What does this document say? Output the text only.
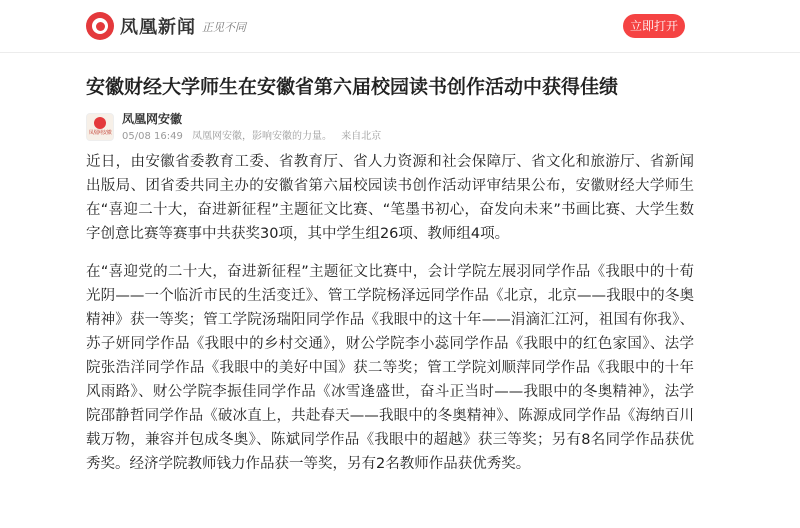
凤凰新闻 正见不同	立即打开
安徽财经大学师生在安徽省第六届校园读书创作活动中获得佳绩
凤凰网安徽
凤凰网安徽
05/08 16:49 凤凰网安徽，影响安徽的力量。 来自北京

近日，由安徽省委教育工委、省教育厅、省人力资源和社会保障厅、省文化和旅游厅、省新闻出版局、团省委共同主办的安徽省第六届校园读书创作活动评审结果公布，安徽财经大学师生在“喜迎二十大，奋进新征程”主题征文比赛、“笔墨书初心，奋发向未来”书画比赛、大学生数字创意比赛等赛事中共获奖30项，其中学生组26项、教师组4项。

在“喜迎党的二十大，奋进新征程”主题征文比赛中，会计学院左展羽同学作品《我眼中的十荀光阴——一个临沂市民的生活变迁》、管工学院杨泽远同学作品《北京，北京——我眼中的冬奥精神》获一等奖；管工学院汤瑞阳同学作品《我眼中的这十年——涓滴汇江河，祖国有你我》、苏子妍同学作品《我眼中的乡村交通》，财公学院李小蕊同学作品《我眼中的红色家国》、法学院张浩洋同学作品《我眼中的美好中国》获二等奖；管工学院刘顺萍同学作品《我眼中的十年风雨路》、财公学院李振佳同学作品《冰雪逢盛世，奋斗正当时——我眼中的冬奥精神》，法学院邵静哲同学作品《破冰直上，共赴春天——我眼中的冬奥精神》、陈源成同学作品《海纳百川载万物，兼容并包成冬奥》、陈斌同学作品《我眼中的超越》获三等奖；另有8名同学作品获优秀奖。经济学院教师钱力作品获一等奖，另有2名教师作品获优秀奖。
